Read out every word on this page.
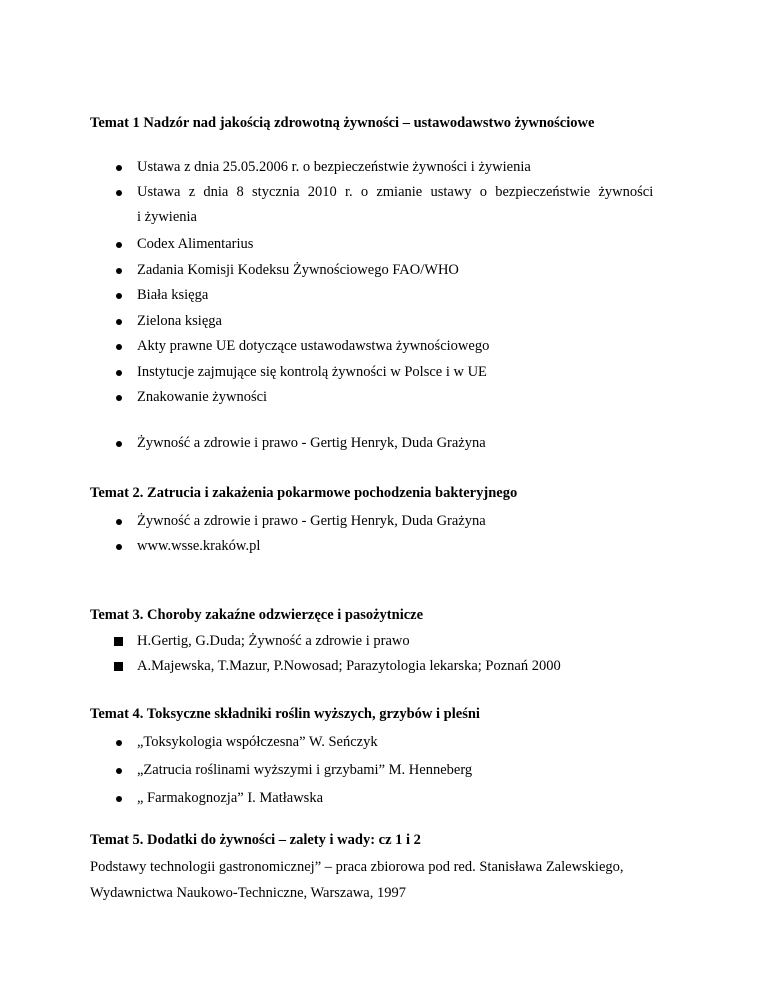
Temat 1 Nadzór nad jakością zdrowotną żywności – ustawodawstwo żywnościowe
Ustawa z dnia 25.05.2006 r. o bezpieczeństwie żywności i żywienia
Ustawa z dnia 8 stycznia 2010 r. o zmianie ustawy o bezpieczeństwie żywności
i żywienia
Codex Alimentarius
Zadania Komisji Kodeksu Żywnościowego FAO/WHO
Biała księga
Zielona księga
Akty prawne UE dotyczące ustawodawstwa żywnościowego
Instytucje zajmujące się kontrolą żywności w Polsce i w UE
Znakowanie żywności
Żywność a zdrowie i prawo - Gertig Henryk, Duda Grażyna
Temat 2. Zatrucia i zakażenia pokarmowe pochodzenia bakteryjnego
Żywność a zdrowie i prawo - Gertig Henryk, Duda Grażyna
www.wsse.kraków.pl
Temat 3. Choroby zakaźne odzwierzęce i pasożytnicze
H.Gertig, G.Duda; Żywność a zdrowie i prawo
A.Majewska, T.Mazur, P.Nowosad; Parazytologia lekarska; Poznań 2000
Temat 4. Toksyczne składniki roślin wyższych, grzybów i pleśni
„Toksykologia współczesna” W. Seńczyk
„Zatrucia roślinami wyższymi i grzybami” M. Henneberg
„ Farmakognozja” I. Matławska
Temat 5. Dodatki do żywności – zalety i wady: cz 1 i 2
Podstawy technologii gastronomicznej” – praca zbiorowa pod red. Stanisława Zalewskiego,
Wydawnictwa Naukowo-Techniczne, Warszawa, 1997
